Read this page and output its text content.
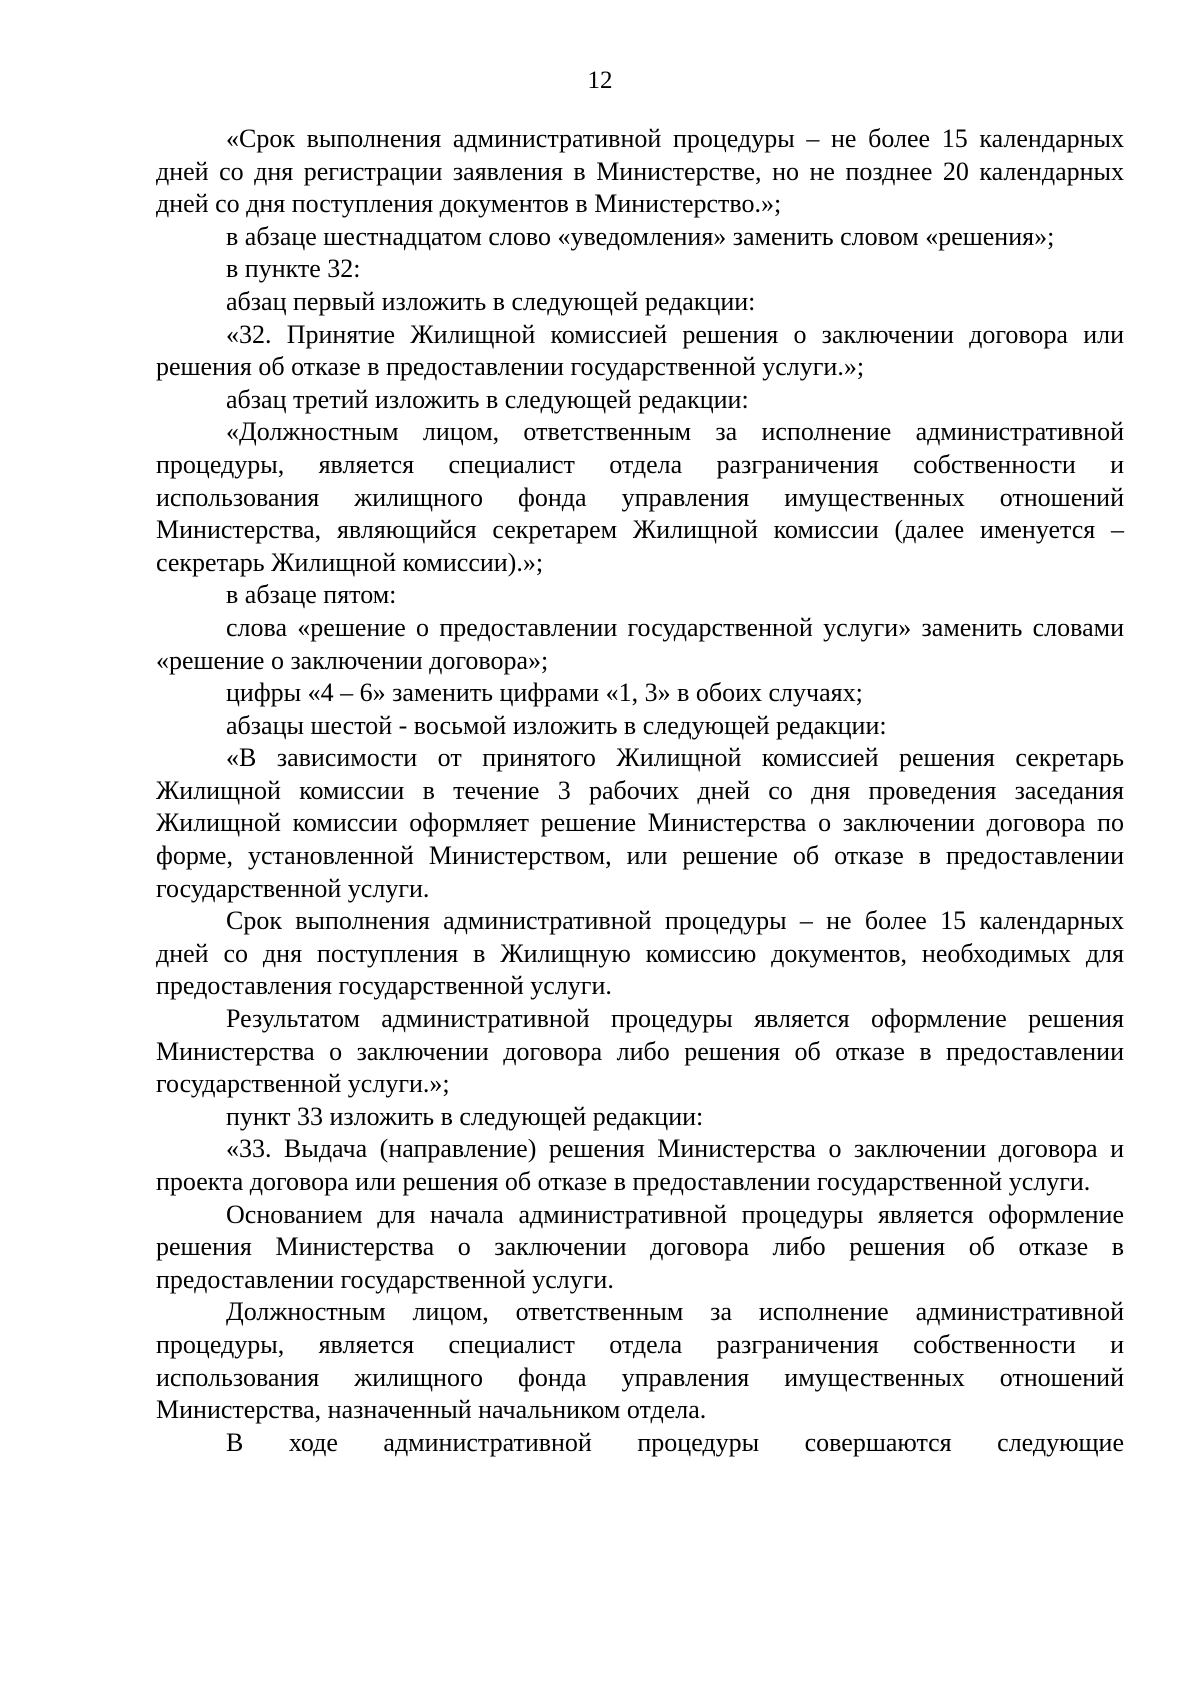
12

«Срок выполнения административной процедуры – не более 15 календарных дней со дня регистрации заявления в Министерстве, но не позднее 20 календарных дней со дня поступления документов в Министерство.»;

в абзаце шестнадцатом слово «уведомления» заменить словом «решения»;

в пункте 32:

абзац первый изложить в следующей редакции:

«32. Принятие Жилищной комиссией решения о заключении договора или решения об отказе в предоставлении государственной услуги.»;

абзац третий изложить в следующей редакции:

«Должностным лицом, ответственным за исполнение административной процедуры, является специалист отдела разграничения собственности и использования жилищного фонда управления имущественных отношений Министерства, являющийся секретарем Жилищной комиссии (далее именуется – секретарь Жилищной комиссии).»;

в абзаце пятом:

слова «решение о предоставлении государственной услуги» заменить словами «решение о заключении договора»;

цифры «4 – 6» заменить цифрами «1, 3» в обоих случаях;

абзацы шестой - восьмой изложить в следующей редакции:

«В зависимости от принятого Жилищной комиссией решения секретарь Жилищной комиссии в течение 3 рабочих дней со дня проведения заседания Жилищной комиссии оформляет решение Министерства о заключении договора по форме, установленной Министерством, или решение об отказе в предоставлении государственной услуги.

Срок выполнения административной процедуры – не более 15 календарных дней со дня поступления в Жилищную комиссию документов, необходимых для предоставления государственной услуги.

Результатом административной процедуры является оформление решения Министерства о заключении договора либо решения об отказе в предоставлении государственной услуги.»;

пункт 33 изложить в следующей редакции:

«33. Выдача (направление) решения Министерства о заключении договора и проекта договора или решения об отказе в предоставлении государственной услуги.

Основанием для начала административной процедуры является оформление решения Министерства о заключении договора либо решения об отказе в предоставлении государственной услуги.

Должностным лицом, ответственным за исполнение административной процедуры, является специалист отдела разграничения собственности и использования жилищного фонда управления имущественных отношений Министерства, назначенный начальником отдела.

В ходе административной процедуры совершаются следующие
